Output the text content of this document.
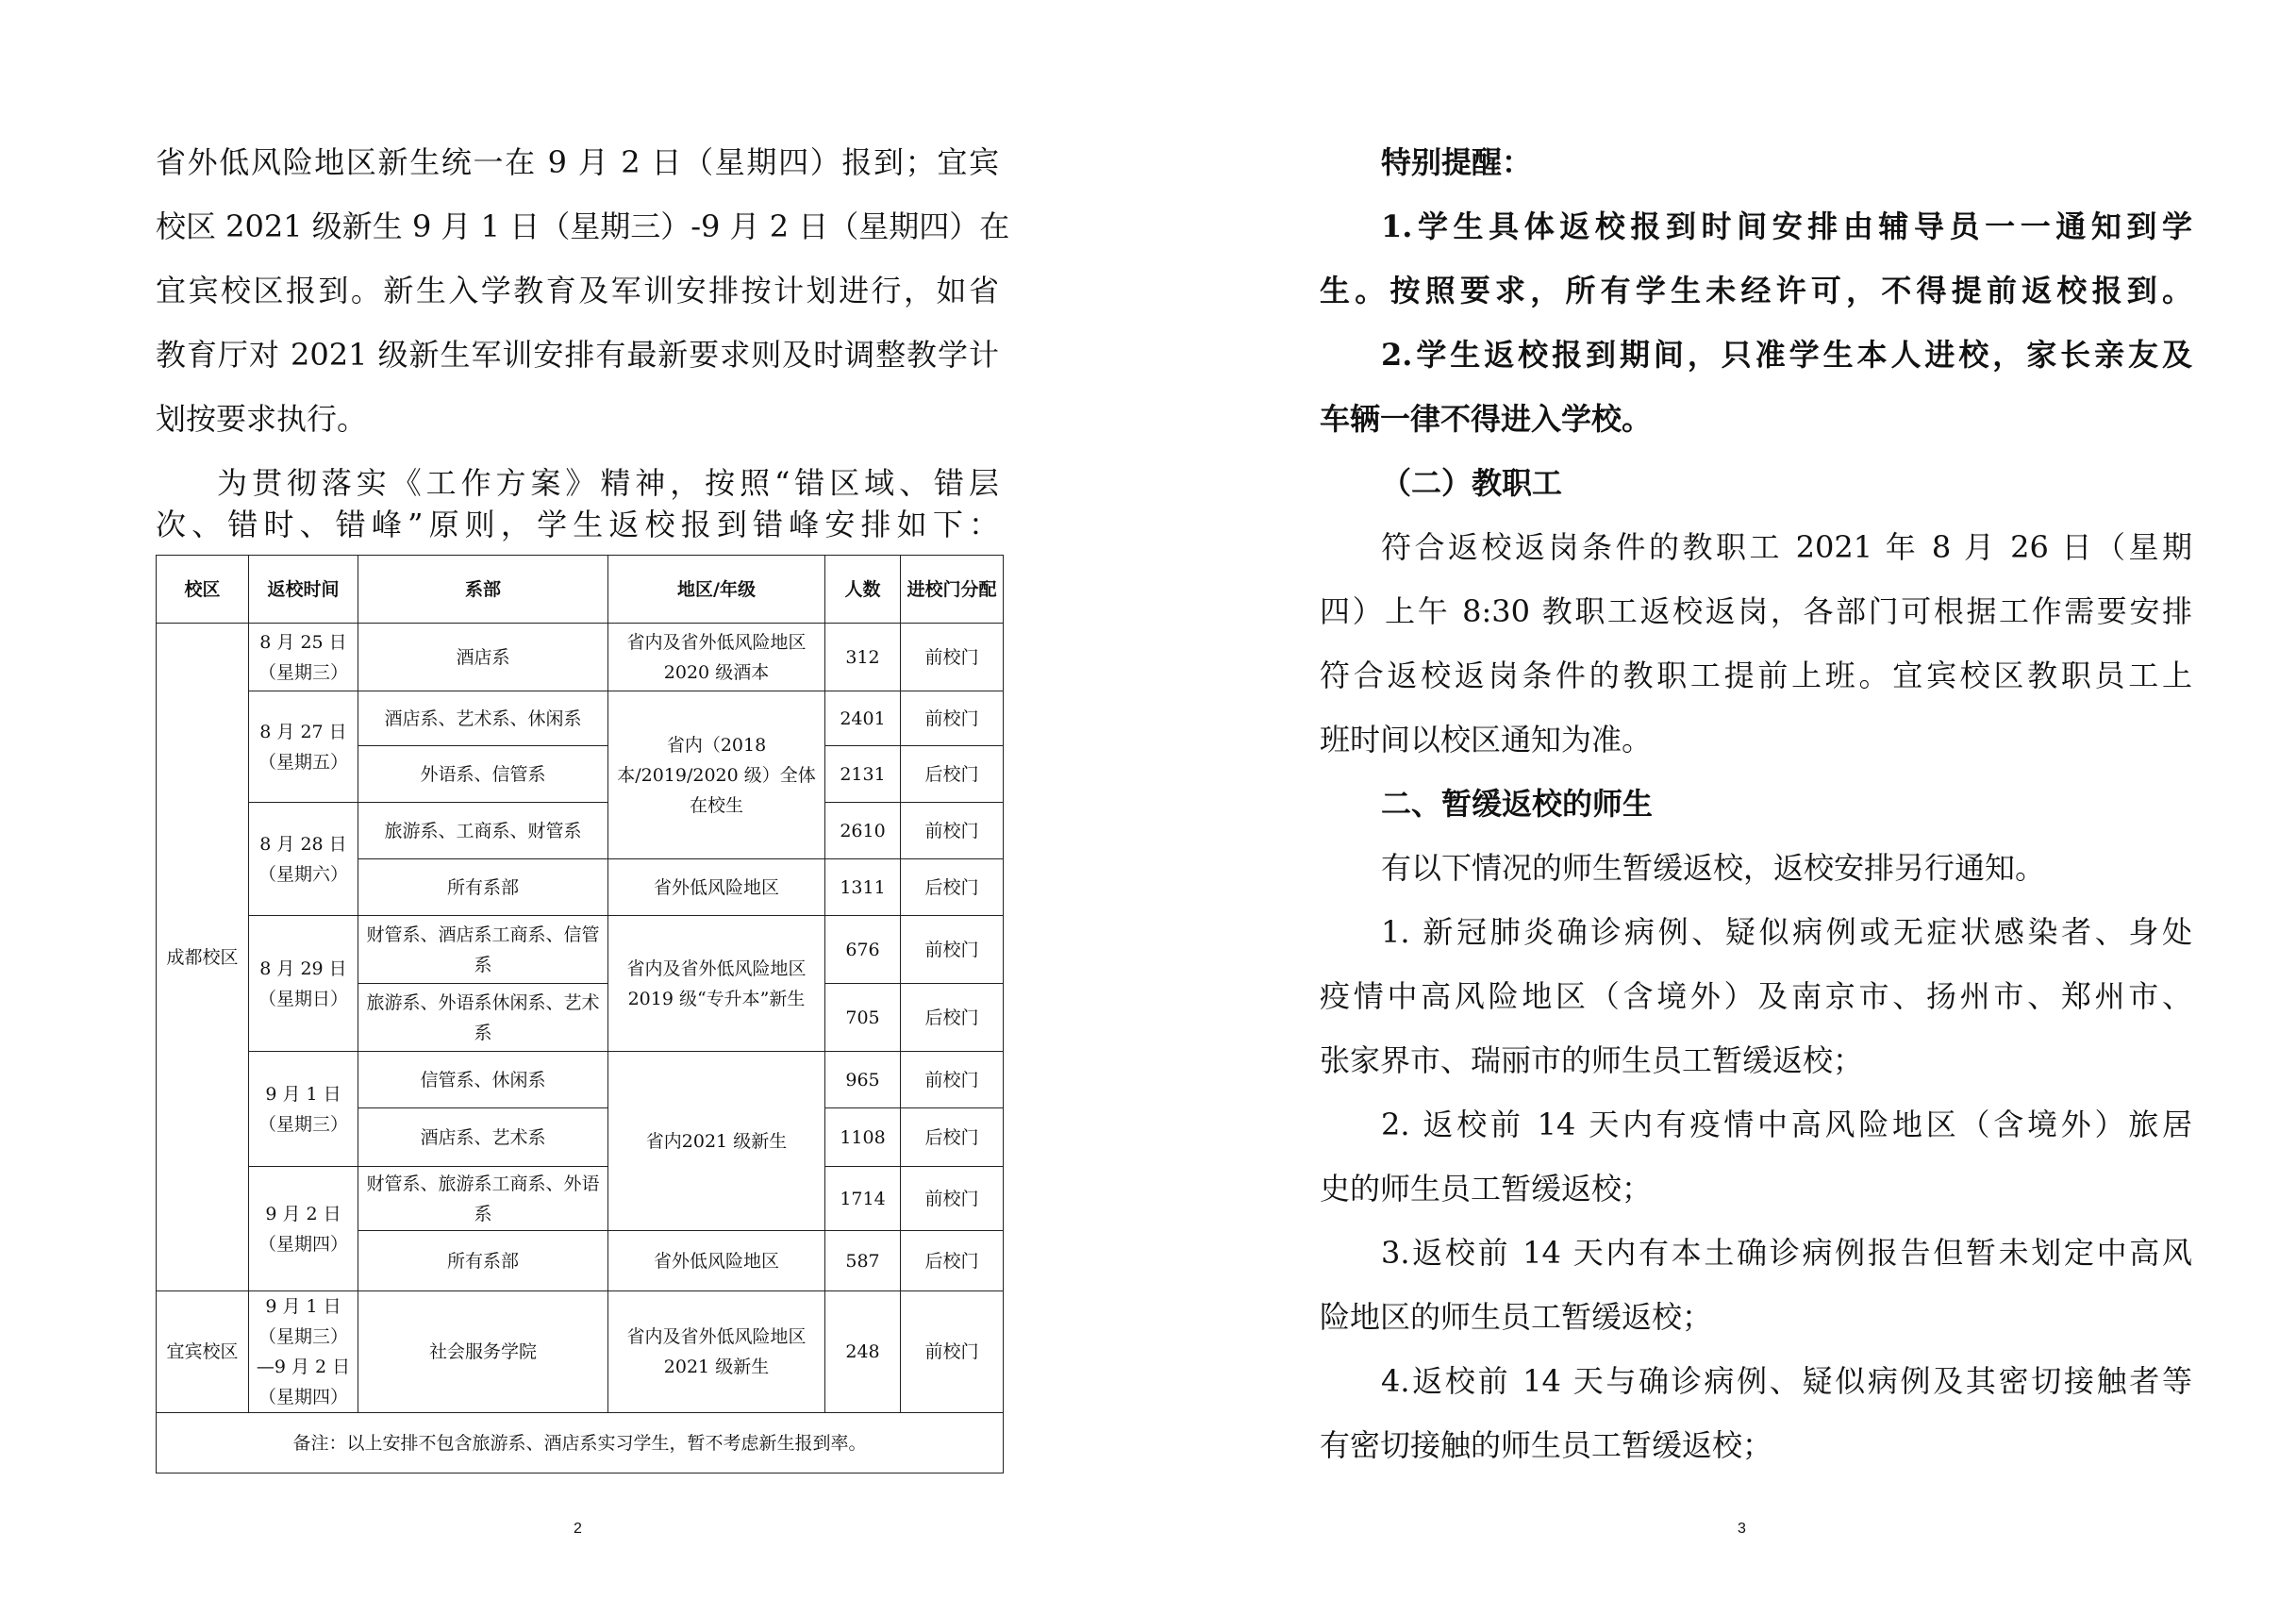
省外低风险地区新生统一在 9 月 2 日（星期四）报到；宜宾

校区 2021 级新生 9 月 1 日（星期三）-9 月 2 日（星期四）在

宜宾校区报到。新生入学教育及军训安排按计划进行，如省

教育厅对 2021 级新生军训安排有最新要求则及时调整教学计

划按要求执行。

为贯彻落实《工作方案》精神，按照“错区域、错层

次、错时、错峰”原则，学生返校报到错峰安排如下：

校区	返校时间	系部	地区/年级	人数	进校门分配
成都校区	8 月 25 日（星期三）	酒店系	省内及省外低风险地区2020 级酒本	312	前校门
	8 月 27 日（星期五）	酒店系、艺术系、休闲系	省内（2018 本/2019/2020 级）全体在校生	2401	前校门
		外语系、信管系		2131	后校门
	8 月 28 日（星期六）	旅游系、工商系、财管系		2610	前校门
		所有系部	省外低风险地区	1311	后校门
	8 月 29 日（星期日）	财管系、酒店系工商系、信管系	省内及省外低风险地区2019 级“专升本”新生	676	前校门
		旅游系、外语系休闲系、艺术系		705	后校门
	9 月 1 日（星期三）	信管系、休闲系	省内2021 级新生	965	前校门
		酒店系、艺术系		1108	后校门
	9 月 2 日（星期四）	财管系、旅游系工商系、外语系		1714	前校门
		所有系部	省外低风险地区	587	后校门
宜宾校区	9 月 1 日（星期三）—9 月 2 日（星期四）	社会服务学院	省内及省外低风险地区2021 级新生	248	前校门
备注：以上安排不包含旅游系、酒店系实习学生，暂不考虑新生报到率。					
2

特别提醒：

1.学生具体返校报到时间安排由辅导员一一通知到学

生。按照要求，所有学生未经许可，不得提前返校报到。

2.学生返校报到期间，只准学生本人进校，家长亲友及

车辆一律不得进入学校。

（二）教职工

符合返校返岗条件的教职工 2021 年 8 月 26 日（星期

四）上午 8:30 教职工返校返岗，各部门可根据工作需要安排

符合返校返岗条件的教职工提前上班。宜宾校区教职员工上

班时间以校区通知为准。

二、暂缓返校的师生

有以下情况的师生暂缓返校，返校安排另行通知。

1. 新冠肺炎确诊病例、疑似病例或无症状感染者、身处

疫情中高风险地区（含境外）及南京市、扬州市、郑州市、

张家界市、瑞丽市的师生员工暂缓返校；

2. 返校前 14 天内有疫情中高风险地区（含境外）旅居

史的师生员工暂缓返校；

3.返校前 14 天内有本土确诊病例报告但暂未划定中高风

险地区的师生员工暂缓返校；

4.返校前 14 天与确诊病例、疑似病例及其密切接触者等

有密切接触的师生员工暂缓返校；

3
